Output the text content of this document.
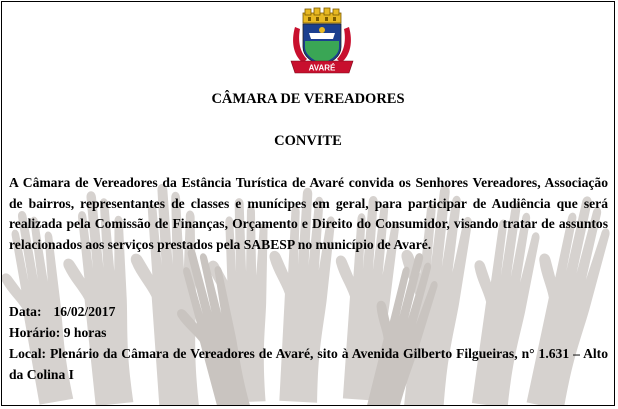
AVARÉ
CÂMARA DE VEREADORES
CONVITE

A Câmara de Vereadores da Estância Turística de Avaré convida os Senhores Vereadores, Associação de bairros, representantes de classes e munícipes em geral, para participar de Audiência que será realizada pela Comissão de Finanças, Orçamento e Direito do Consumidor, visando tratar de assuntos relacionados aos serviços prestados pela SABESP no município de Avaré.

Data: 16/02/2017

Horário: 9 horas

Local: Plenário da Câmara de Vereadores de Avaré, sito à Avenida Gilberto Filgueiras, n° 1.631 – Alto da Colina I
